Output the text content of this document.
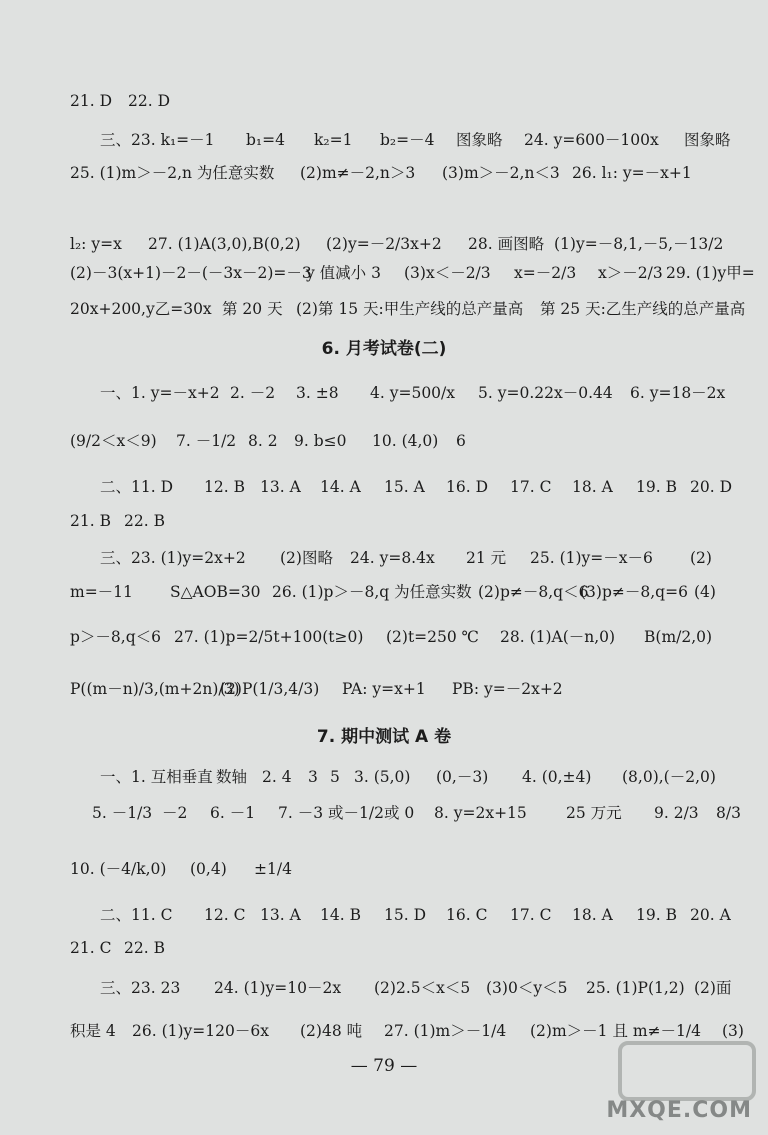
21. D 22. D
三、23. k₁=－1 b₁=4 k₂=1 b₂=－4 图象略 24. y=600－100x 图象略
25. (1)m＞－2,n 为任意实数 (2)m≠－2,n＞3 (3)m＞－2,n＜3 26. l₁: y=－x+1
l₂: y=x 27. (1)A(3,0),B(0,2) (2)y=－2/3x+2 28. 画图略 (1)y=－8,1,－5,－13/2
(2)－3(x+1)－2－(－3x－2)=－3
y 值减小 3 (3)x＜－2/3 x=－2/3 x＞－2/3 29. (1)y甲=
20x+200,y乙=30x 第 20 天 (2)第 15 天:甲生产线的总产量高 第 25 天:乙生产线的总产量高
6. 月考试卷(二)
一、1. y=－x+2 2. －2 3. ±8 4. y=500/x 5. y=0.22x－0.44 6. y=18－2x
(9/2＜x＜9) 7. －1/2 8. 2 9. b≤0 10. (4,0) 6
二、11. D 12. B 13. A 14. A 15. A 16. D 17. C 18. A 19. B 20. D
21. B 22. B
三、23. (1)y=2x+2 (2)图略 24. y=8.4x 21 元 25. (1)y=－x－6 (2)
m=－11 S△AOB=30 26. (1)p＞－8,q 为任意实数 (2)p≠－8,q＜6
(3)p≠－8,q=6 (4)
p＞－8,q＜6 27. (1)p=2/5t+100(t≥0) (2)t=250 ℃ 28. (1)A(－n,0) B(m/2,0)
P((m－n)/3,(m+2n)/3)
(2)P(1/3,4/3) PA: y=x+1 PB: y=－2x+2
7. 期中测试 A 卷
一、1. 互相垂直 数轴 2. 4 3 5 3. (5,0) (0,－3) 4. (0,±4) (8,0),(－2,0)
5. －1/3 －2 6. －1 7. －3 或－1/2或 0 8. y=2x+15	25 万元 9. 2/3 8/3
10. (－4/k,0) (0,4) ±1/4
二、11. C 12. C 13. A 14. B 15. D 16. C 17. C 18. A 19. B 20. A
21. C 22. B
三、23. 23 24. (1)y=10－2x (2)2.5＜x＜5 (3)0＜y＜5 25. (1)P(1,2) (2)面
积是 4 26. (1)y=120－6x (2)48 吨 27. (1)m＞－1/4 (2)m＞－1 且 m≠－1/4 (3)
— 79 —
MXQE.COM
